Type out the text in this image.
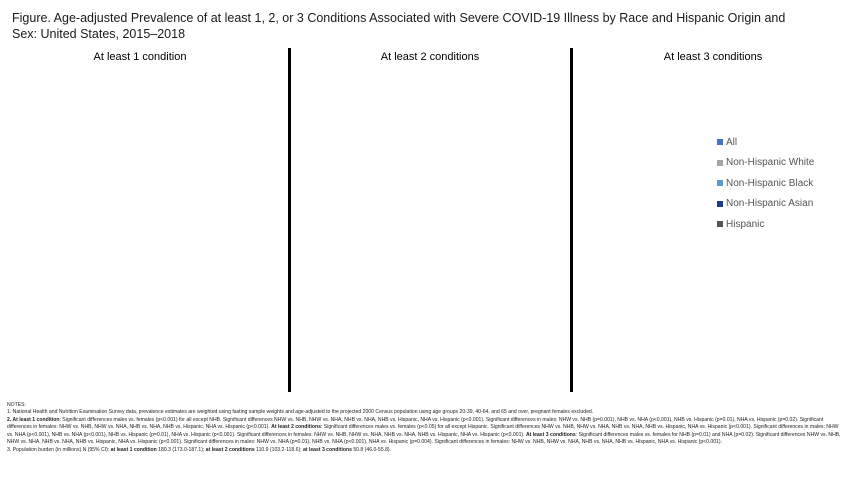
Figure. Age-adjusted Prevalence of at least 1, 2, or 3 Conditions Associated with Severe COVID-19 Illness by Race and Hispanic Origin and Sex: United States, 2015–2018
At least 1 condition	At least 2 conditions	At least 3 conditions
All
Non-Hispanic White
Non-Hispanic Black
Non-Hispanic Asian
Hispanic
NOTES:
1. National Health and Nutrition Examination Survey data, prevalence estimates are weighted using fasting sample weights and age-adjusted to the projected 2000 Census population using age groups 20-39, 40-64, and 65 and over, pregnant females excluded.
2. At least 1 condition: Significant differences males vs. females (p<0.001) for all except NHB. Significant differences NHW vs. NHB, NHW vs. NHA, NHB vs. NHA, NHB vs. Hispanic, NHA vs. Hispanic (p<0.001). Significant differences in males: NHW vs. NHB (p=0.001), NHB vs. NHA (p<0.001), NHB vs. Hispanic (p=0.01), NHA vs. Hispanic (p=0.02). Significant differences in females: NHW vs. NHB, NHW vs. NHA, NHB vs. NHA, NHB vs. Hispanic, NHA vs. Hispanic (p<0.001). At least 2 conditions: Significant differences males vs. females (p<0.05) for all except Hispanic. Significant differences NHW vs. NHB, NHW vs. NHA, NHB vs. NHA, NHB vs. Hispanic, NHA vs. Hispanic (p<0.001). Significant differences in males: NHW vs. NHA (p<0.001), NHB vs. NHA (p<0.001), NHB vs. Hispanic (p=0.01), NHA vs. Hispanic (p<0.001). Significant differences in females: NHW vs. NHB, NHW vs. NHA, NHB vs. NHA, NHB vs. Hispanic, NHA vs. Hispanic (p<0.001). At least 3 conditions: Significant differences males vs. females for NHB (p=0.01) and NHA (p=0.02). Significant differences NHW vs. NHB, NHW vs. NHA, NHB vs. NHA, NHB vs. Hispanic, NHA vs. Hispanic (p<0.001). Significant differences in males: NHW vs. NHA (p=0.01), NHB vs. NHA (p<0.001), NHA vs. Hispanic (p=0.004). Significant differences in females: NHW vs. NHB, NHW vs. NHA, NHB vs. NHA, NHB vs. Hispanic, NHA vs. Hispanic (p<0.001).
3. Population burden (in millions) N (95% CI): at least 1 condition 180.3 (173.0-187.1); at least 2 conditions 110.9 (103.2-118.6); at least 3 conditions 50.8 (46.0-55.8).
